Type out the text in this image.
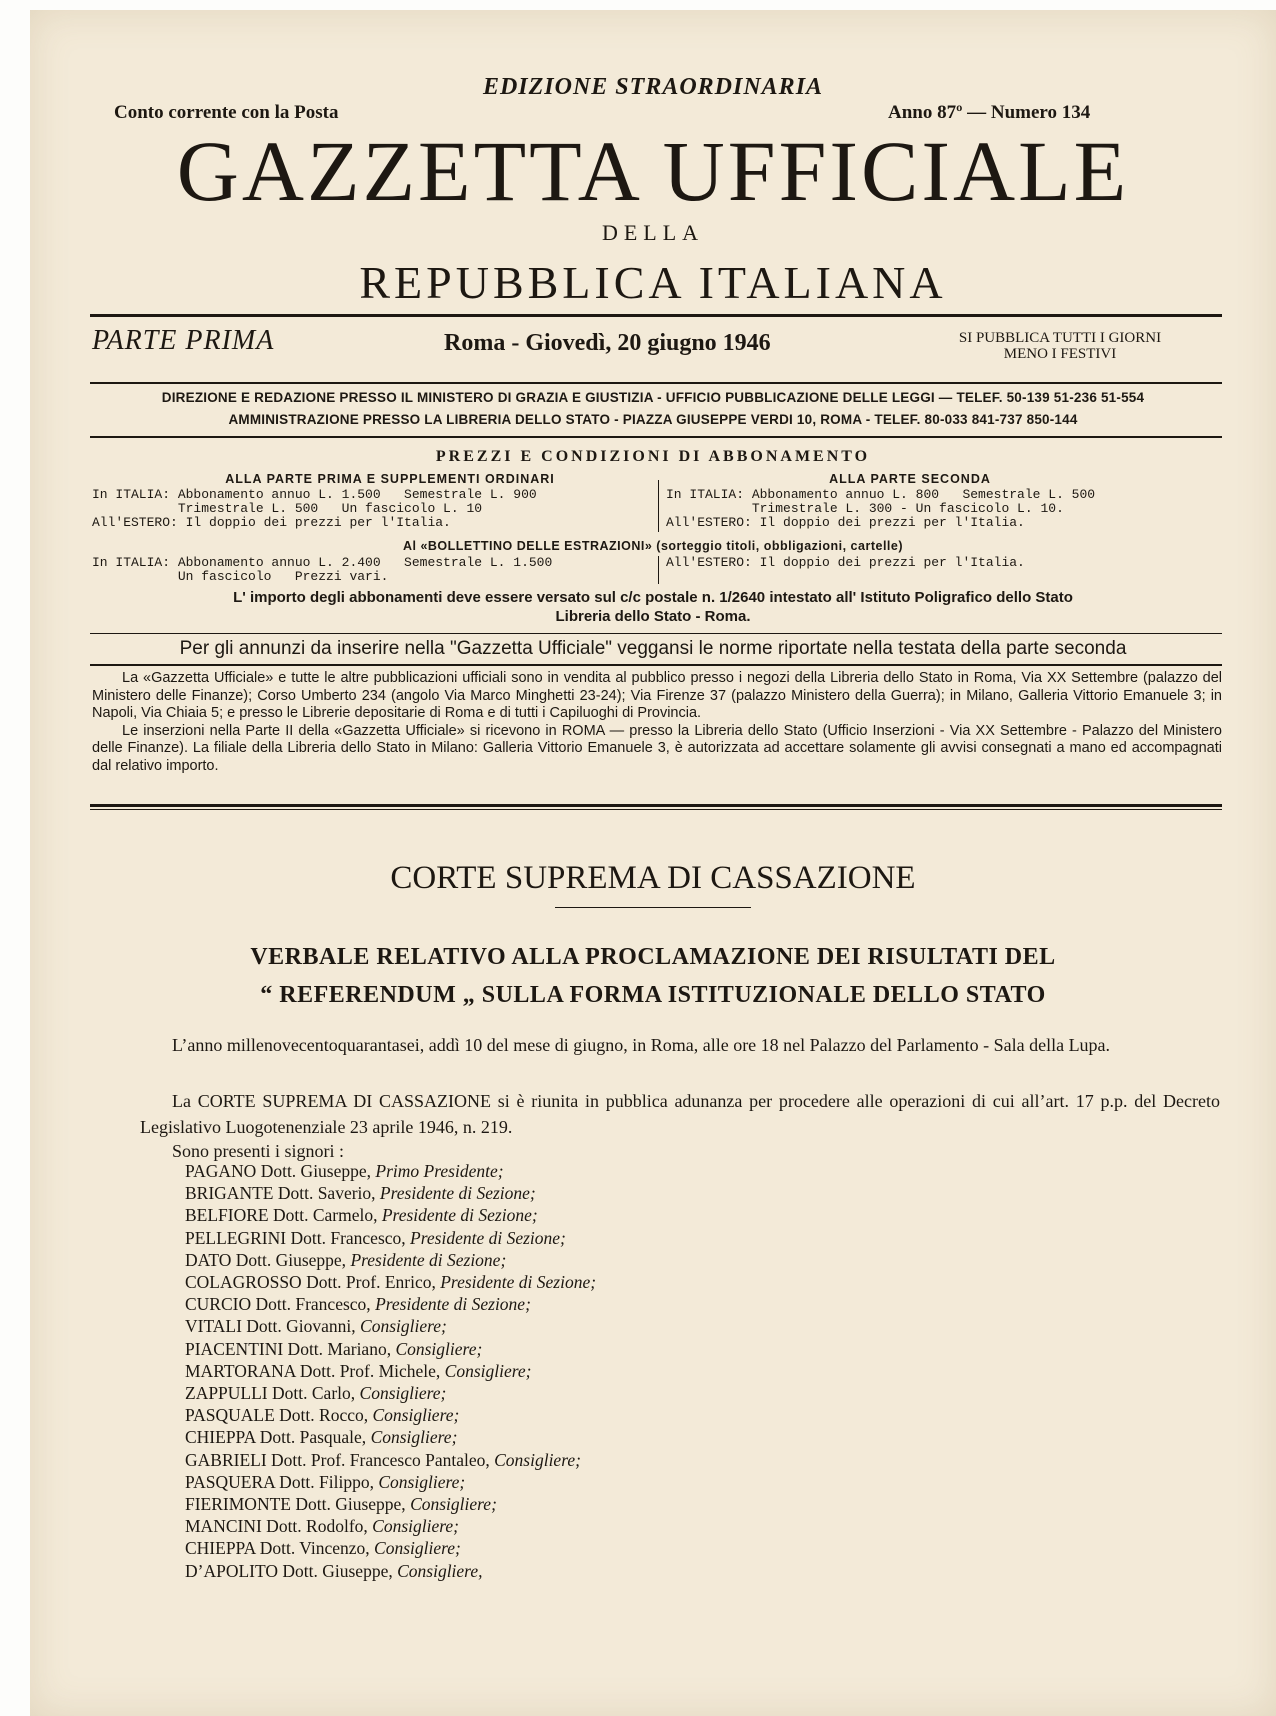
EDIZIONE STRAORDINARIA
Conto corrente con la Posta	Anno 87º — Numero 134
GAZZETTA UFFICIALE
DELLA
REPUBBLICA ITALIANA
PARTE PRIMA	Roma - Giovedì, 20 giugno 1946	SI PUBBLICA TUTTI I GIORNI
MENO I FESTIVI
DIREZIONE E REDAZIONE PRESSO IL MINISTERO DI GRAZIA E GIUSTIZIA - UFFICIO PUBBLICAZIONE DELLE LEGGI — TELEF. 50-139 51-236 51-554
AMMINISTRAZIONE PRESSO LA LIBRERIA DELLO STATO - PIAZZA GIUSEPPE VERDI 10, ROMA - TELEF. 80-033 841-737 850-144
PREZZI E CONDIZIONI DI ABBONAMENTO
ALLA PARTE PRIMA E SUPPLEMENTI ORDINARI
In ITALIA: Abbonamento annuo L. 1.500   Semestrale L. 900
Trimestrale L. 500   Un fascicolo L. 10
All'ESTERO: Il doppio dei prezzi per l'Italia.
ALLA PARTE SECONDA
In ITALIA: Abbonamento annuo L. 800   Semestrale L. 500
Trimestrale L. 300 - Un fascicolo L. 10.
All'ESTERO: Il doppio dei prezzi per l'Italia.
Al «BOLLETTINO DELLE ESTRAZIONI» (sorteggio titoli, obbligazioni, cartelle)
In ITALIA: Abbonamento annuo L. 2.400   Semestrale L. 1.500
Un fascicolo   Prezzi vari.
All'ESTERO: Il doppio dei prezzi per l'Italia.
L' importo degli abbonamenti deve essere versato sul c/c postale n. 1/2640 intestato all' Istituto Poligrafico dello Stato
Libreria dello Stato - Roma.
Per gli annunzi da inserire nella "Gazzetta Ufficiale" veggansi le norme riportate nella testata della parte seconda

La «Gazzetta Ufficiale» e tutte le altre pubblicazioni ufficiali sono in vendita al pubblico presso i negozi della Libreria dello Stato in Roma, Via XX Settembre (palazzo del Ministero delle Finanze); Corso Umberto 234 (angolo Via Marco Minghetti 23-24); Via Firenze 37 (palazzo Ministero della Guerra); in Milano, Galleria Vittorio Emanuele 3; in Napoli, Via Chiaia 5; e presso le Librerie depositarie di Roma e di tutti i Capiluoghi di Provincia.

Le inserzioni nella Parte II della «Gazzetta Ufficiale» si ricevono in ROMA — presso la Libreria dello Stato (Ufficio Inserzioni - Via XX Settembre - Palazzo del Ministero delle Finanze). La filiale della Libreria dello Stato in Milano: Galleria Vittorio Emanuele 3, è autorizzata ad accettare solamente gli avvisi consegnati a mano ed accompagnati dal relativo importo.

CORTE SUPREMA DI CASSAZIONE
VERBALE RELATIVO ALLA PROCLAMAZIONE DEI RISULTATI DEL
“ REFERENDUM „ SULLA FORMA ISTITUZIONALE DELLO STATO
L’anno millenovecentoquarantasei, addì 10 del mese di giugno, in Roma, alle ore 18 nel Palazzo del Parlamento - Sala della Lupa.
La CORTE SUPREMA DI CASSAZIONE si è riunita in pubblica adunanza per procedere alle operazioni di cui all’art. 17 p.p. del Decreto Legislativo Luogotenenziale 23 aprile 1946, n. 219.
Sono presenti i signori :
PAGANO Dott. Giuseppe, Primo Presidente;
BRIGANTE Dott. Saverio, Presidente di Sezione;
BELFIORE Dott. Carmelo, Presidente di Sezione;
PELLEGRINI Dott. Francesco, Presidente di Sezione;
DATO Dott. Giuseppe, Presidente di Sezione;
COLAGROSSO Dott. Prof. Enrico, Presidente di Sezione;
CURCIO Dott. Francesco, Presidente di Sezione;
VITALI Dott. Giovanni, Consigliere;
PIACENTINI Dott. Mariano, Consigliere;
MARTORANA Dott. Prof. Michele, Consigliere;
ZAPPULLI Dott. Carlo, Consigliere;
PASQUALE Dott. Rocco, Consigliere;
CHIEPPA Dott. Pasquale, Consigliere;
GABRIELI Dott. Prof. Francesco Pantaleo, Consigliere;
PASQUERA Dott. Filippo, Consigliere;
FIERIMONTE Dott. Giuseppe, Consigliere;
MANCINI Dott. Rodolfo, Consigliere;
CHIEPPA Dott. Vincenzo, Consigliere;
D’APOLITO Dott. Giuseppe, Consigliere,
